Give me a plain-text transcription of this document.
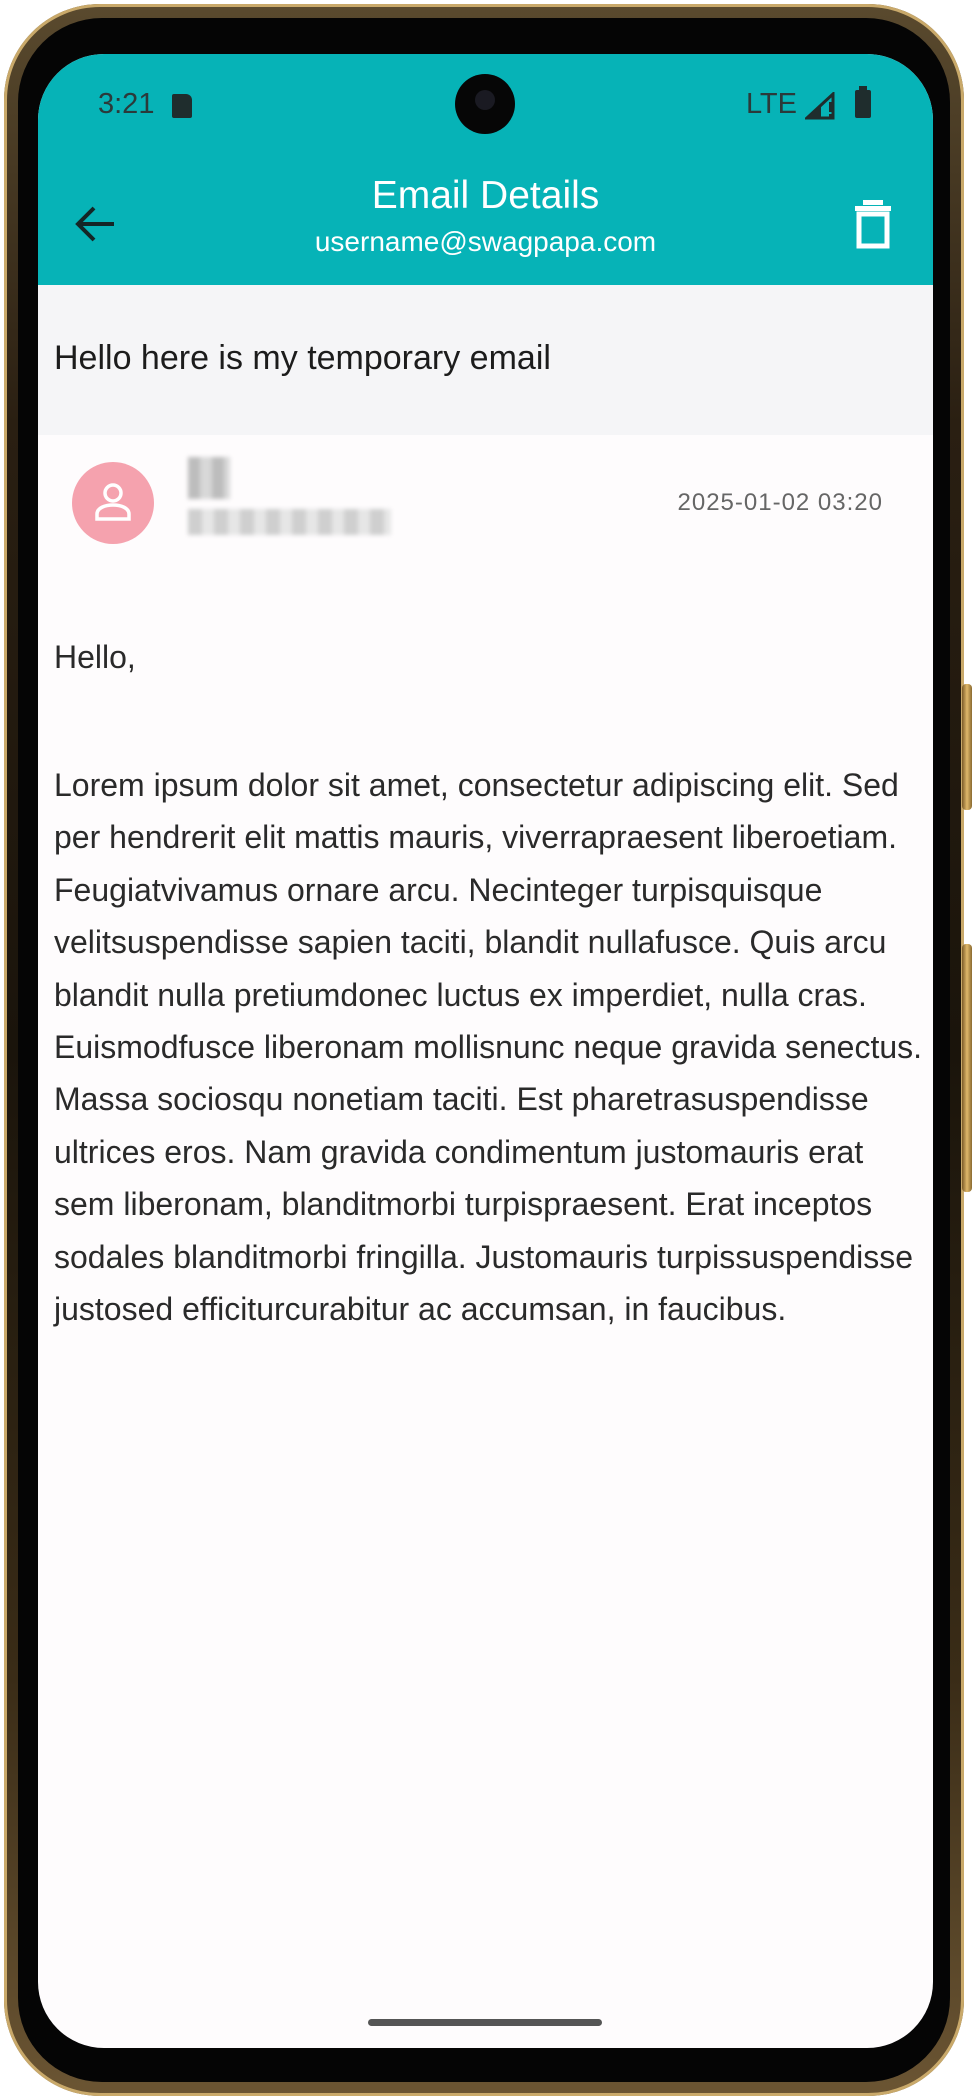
3:21	LTE
Email Details
username@swagpapa.com
Hello here is my temporary email
2025-01-02 03:20
Hello,

Lorem ipsum dolor sit amet, consectetur adipiscing elit. Sed per hendrerit elit mattis mauris, viverrapraesent liberoetiam. Feugiatvivamus ornare arcu. Necinteger turpisquisque velitsuspendisse sapien taciti, blandit nullafusce. Quis arcu blandit nulla pretiumdonec luctus ex imperdiet, nulla cras. Euismodfusce liberonam mollisnunc neque gravida senectus. Massa sociosqu nonetiam taciti. Est pharetrasuspendisse ultrices eros. Nam gravida condimentum justomauris erat sem liberonam, blanditmorbi turpispraesent. Erat inceptos sodales blanditmorbi fringilla. Justomauris turpissuspendisse justosed efficiturcurabitur ac accumsan, in faucibus.
